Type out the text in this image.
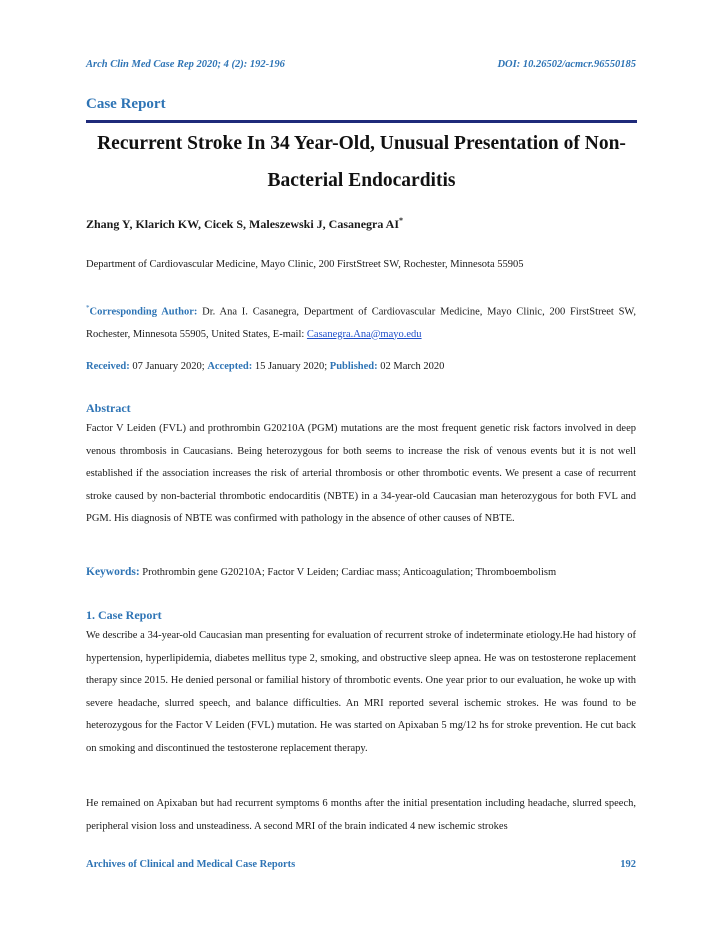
Arch Clin Med Case Rep 2020; 4 (2): 192-196	DOI: 10.26502/acmcr.96550185
Case Report
Recurrent Stroke In 34 Year-Old, Unusual Presentation of Non-
Bacterial Endocarditis
Zhang Y, Klarich KW, Cicek S, Maleszewski J, Casanegra AI*
Department of Cardiovascular Medicine, Mayo Clinic, 200 FirstStreet SW, Rochester, Minnesota 55905
*Corresponding Author: Dr. Ana I. Casanegra, Department of Cardiovascular Medicine, Mayo Clinic, 200 FirstStreet SW, Rochester, Minnesota 55905, United States, E-mail: Casanegra.Ana@mayo.edu
Received: 07 January 2020; Accepted: 15 January 2020; Published: 02 March 2020
Abstract

Factor V Leiden (FVL) and prothrombin G20210A (PGM) mutations are the most frequent genetic risk factors involved in deep venous thrombosis in Caucasians. Being heterozygous for both seems to increase the risk of venous events but it is not well established if the association increases the risk of arterial thrombosis or other thrombotic events. We present a case of recurrent stroke caused by non-bacterial thrombotic endocarditis (NBTE) in a 34-year-old Caucasian man heterozygous for both FVL and PGM. His diagnosis of NBTE was confirmed with pathology in the absence of other causes of NBTE.

Keywords: Prothrombin gene G20210A; Factor V Leiden; Cardiac mass; Anticoagulation; Thromboembolism
1. Case Report

We describe a 34-year-old Caucasian man presenting for evaluation of recurrent stroke of indeterminate etiology.He had history of hypertension, hyperlipidemia, diabetes mellitus type 2, smoking, and obstructive sleep apnea. He was on testosterone replacement therapy since 2015. He denied personal or familial history of thrombotic events. One year prior to our evaluation, he woke up with severe headache, slurred speech, and balance difficulties. An MRI reported several ischemic strokes. He was found to be heterozygous for the Factor V Leiden (FVL) mutation. He was started on Apixaban 5 mg/12 hs for stroke prevention. He cut back on smoking and discontinued the testosterone replacement therapy.

He remained on Apixaban but had recurrent symptoms 6 months after the initial presentation including headache, slurred speech, peripheral vision loss and unsteadiness. A second MRI of the brain indicated 4 new ischemic strokes

Archives of Clinical and Medical Case Reports	192
